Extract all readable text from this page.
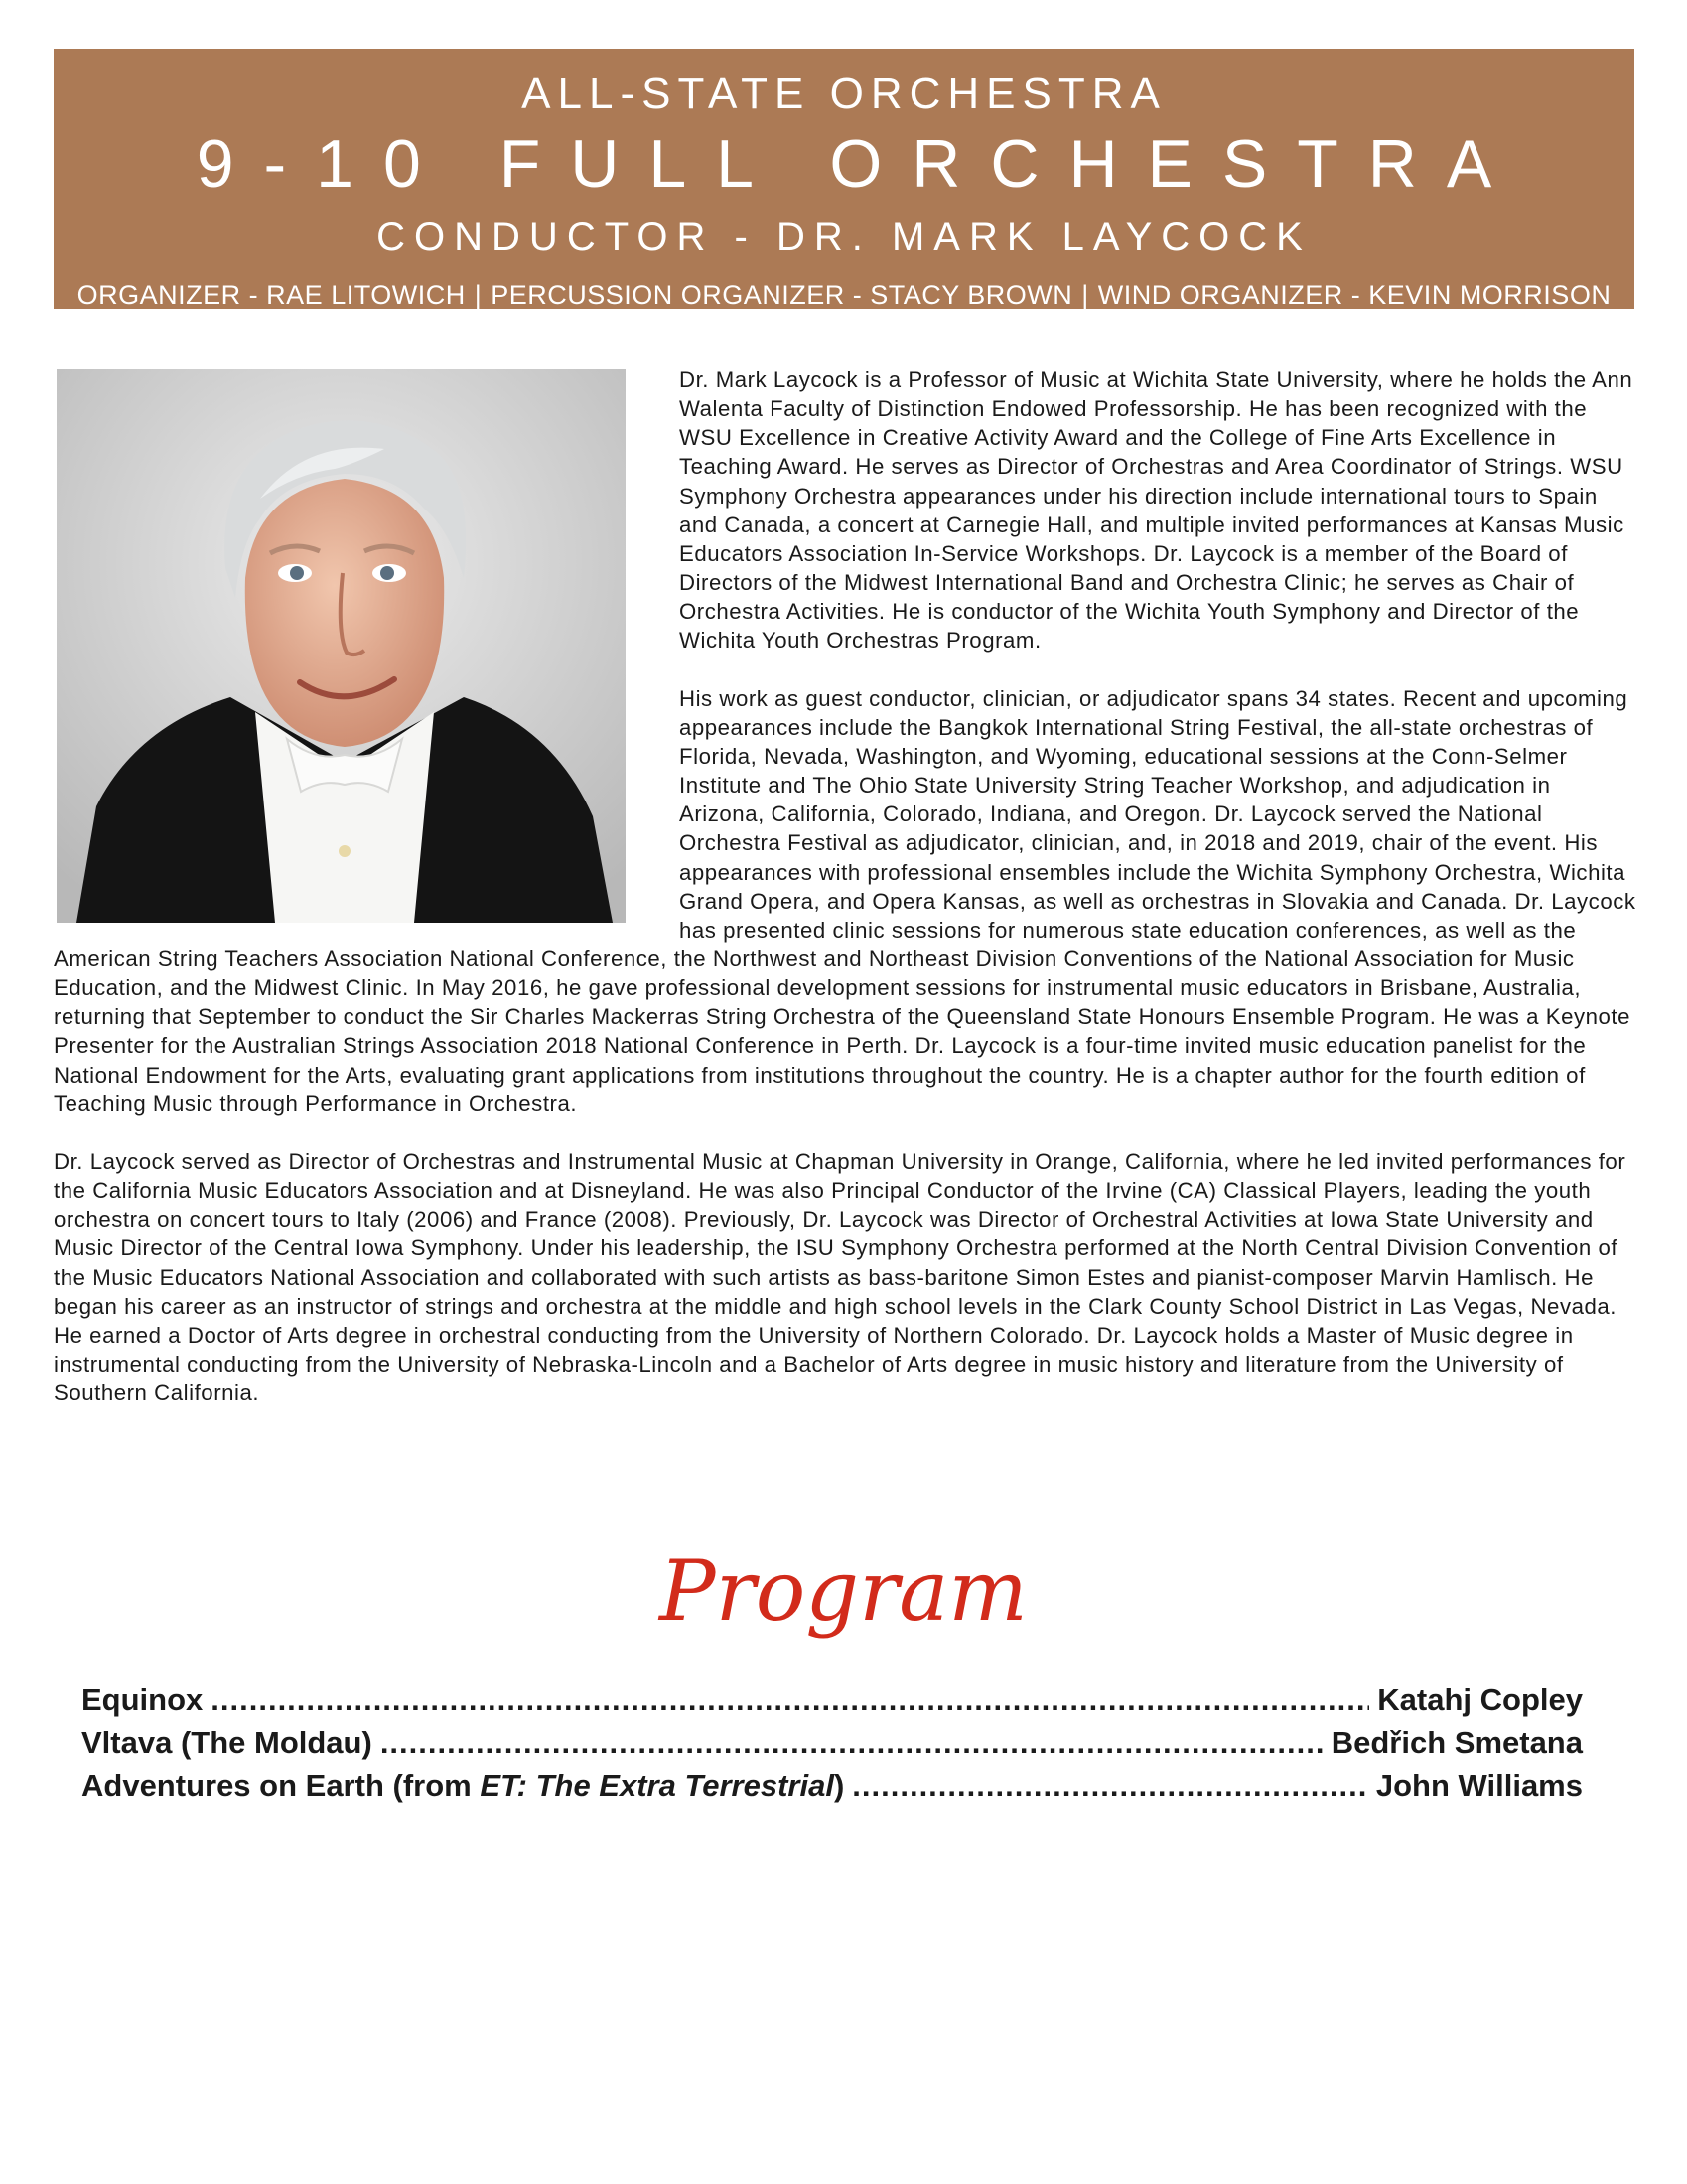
ALL-STATE ORCHESTRA
9-10 FULL ORCHESTRA
CONDUCTOR - DR. MARK LAYCOCK
ORGANIZER - RAE LITOWICH | PERCUSSION ORGANIZER - STACY BROWN | WIND ORGANIZER - KEVIN MORRISON

Dr. Mark Laycock is a Professor of Music at Wichita State University, where he holds the Ann Walenta Faculty of Distinction Endowed Professorship. He has been recognized with the WSU Excellence in Creative Activity Award and the College of Fine Arts Excellence in Teaching Award. He serves as Director of Orchestras and Area Coordinator of Strings. WSU Symphony Orchestra appearances under his direction include international tours to Spain and Canada, a concert at Carnegie Hall, and multiple invited performances at Kansas Music Educators Association In-Service Workshops. Dr. Laycock is a member of the Board of Directors of the Midwest International Band and Orchestra Clinic; he serves as Chair of Orchestra Activities. He is conductor of the Wichita Youth Symphony and Director of the Wichita Youth Orchestras Program.

His work as guest conductor, clinician, or adjudicator spans 34 states. Recent and upcoming appearances include the Bangkok International String Festival, the all-state orchestras of Florida, Nevada, Washington, and Wyoming, educational sessions at the Conn-Selmer Institute and The Ohio State University String Teacher Workshop, and adjudication in Arizona, California, Colorado, Indiana, and Oregon. Dr. Laycock served the National Orchestra Festival as adjudicator, clinician, and, in 2018 and 2019, chair of the event. His appearances with professional ensembles include the Wichita Symphony Orchestra, Wichita Grand Opera, and Opera Kansas, as well as orchestras in Slovakia and Canada. Dr. Laycock has presented clinic sessions for numerous state education conferences, as well as the American String Teachers Association National Conference, the Northwest and Northeast Division Conventions of the National Association for Music Education, and the Midwest Clinic. In May 2016, he gave professional development sessions for instrumental music educators in Brisbane, Australia, returning that September to conduct the Sir Charles Mackerras String Orchestra of the Queensland State Honours Ensemble Program. He was a Keynote Presenter for the Australian Strings Association 2018 National Conference in Perth. Dr. Laycock is a four-time invited music education panelist for the National Endowment for the Arts, evaluating grant applications from institutions throughout the country. He is a chapter author for the fourth edition of Teaching Music through Performance in Orchestra.

Dr. Laycock served as Director of Orchestras and Instrumental Music at Chapman University in Orange, California, where he led invited performances for the California Music Educators Association and at Disneyland. He was also Principal Conductor of the Irvine (CA) Classical Players, leading the youth orchestra on concert tours to Italy (2006) and France (2008). Previously, Dr. Laycock was Director of Orchestral Activities at Iowa State University and Music Director of the Central Iowa Symphony. Under his leadership, the ISU Symphony Orchestra performed at the North Central Division Convention of the Music Educators National Association and collaborated with such artists as bass-baritone Simon Estes and pianist-composer Marvin Hamlisch. He began his career as an instructor of strings and orchestra at the middle and high school levels in the Clark County School District in Las Vegas, Nevada. He earned a Doctor of Arts degree in orchestral conducting from the University of Northern Colorado. Dr. Laycock holds a Master of Music degree in instrumental conducting from the University of Nebraska-Lincoln and a Bachelor of Arts degree in music history and literature from the University of Southern California.

Program
Equinox .....	Katahj Copley
Vltava (The Moldau) .....	Bedřich Smetana
Adventures on Earth (from ET: The Extra Terrestrial) .....	John Williams
